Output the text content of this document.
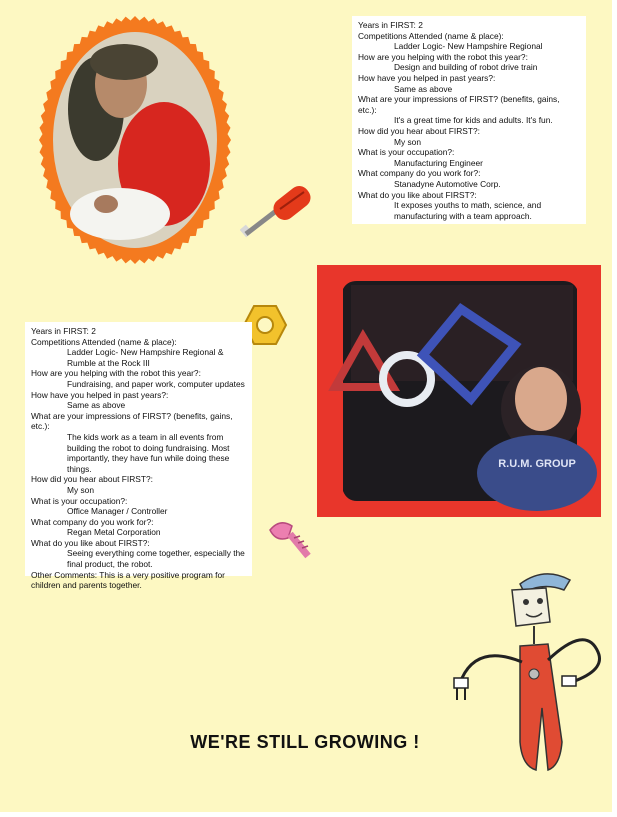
R.U.M. GROUP
Years in FIRST: 2
Competitions Attended (name & place):
Ladder Logic- New Hampshire Regional
How are you helping with the robot this year?:
Design and building of robot drive train
How have you helped in past years?:
Same as above
What are your impressions of FIRST? (benefits, gains,
etc.):
It's a great time for kids and adults. It's fun.
How did you hear about FIRST?:
My son
What is your occupation?:
Manufacturing Engineer
What company do you work for?:
Stanadyne Automotive Corp.
What do you like about FIRST?:
It exposes youths to math, science, and
manufacturing with a team approach.
Years in FIRST: 2
Competitions Attended (name & place):
Ladder Logic- New Hampshire Regional &
Rumble at the Rock III
How are you helping with the robot this year?:
Fundraising, and paper work, computer updates
How have you helped in past years?:
Same as above
What are your impressions of FIRST? (benefits, gains,
etc.):
The kids work as a team in all events from
building the robot to doing fundraising. Most
importantly, they have fun while doing these
things.
How did you hear about FIRST?:
My son
What is your occupation?:
Office Manager / Controller
What company do you work for?:
Regan Metal Corporation
What do you like about FIRST?:
Seeing everything come together, especially the
final product, the robot.
Other Comments: This is a very positive program for
children and parents together.
WE'RE STILL GROWING !
